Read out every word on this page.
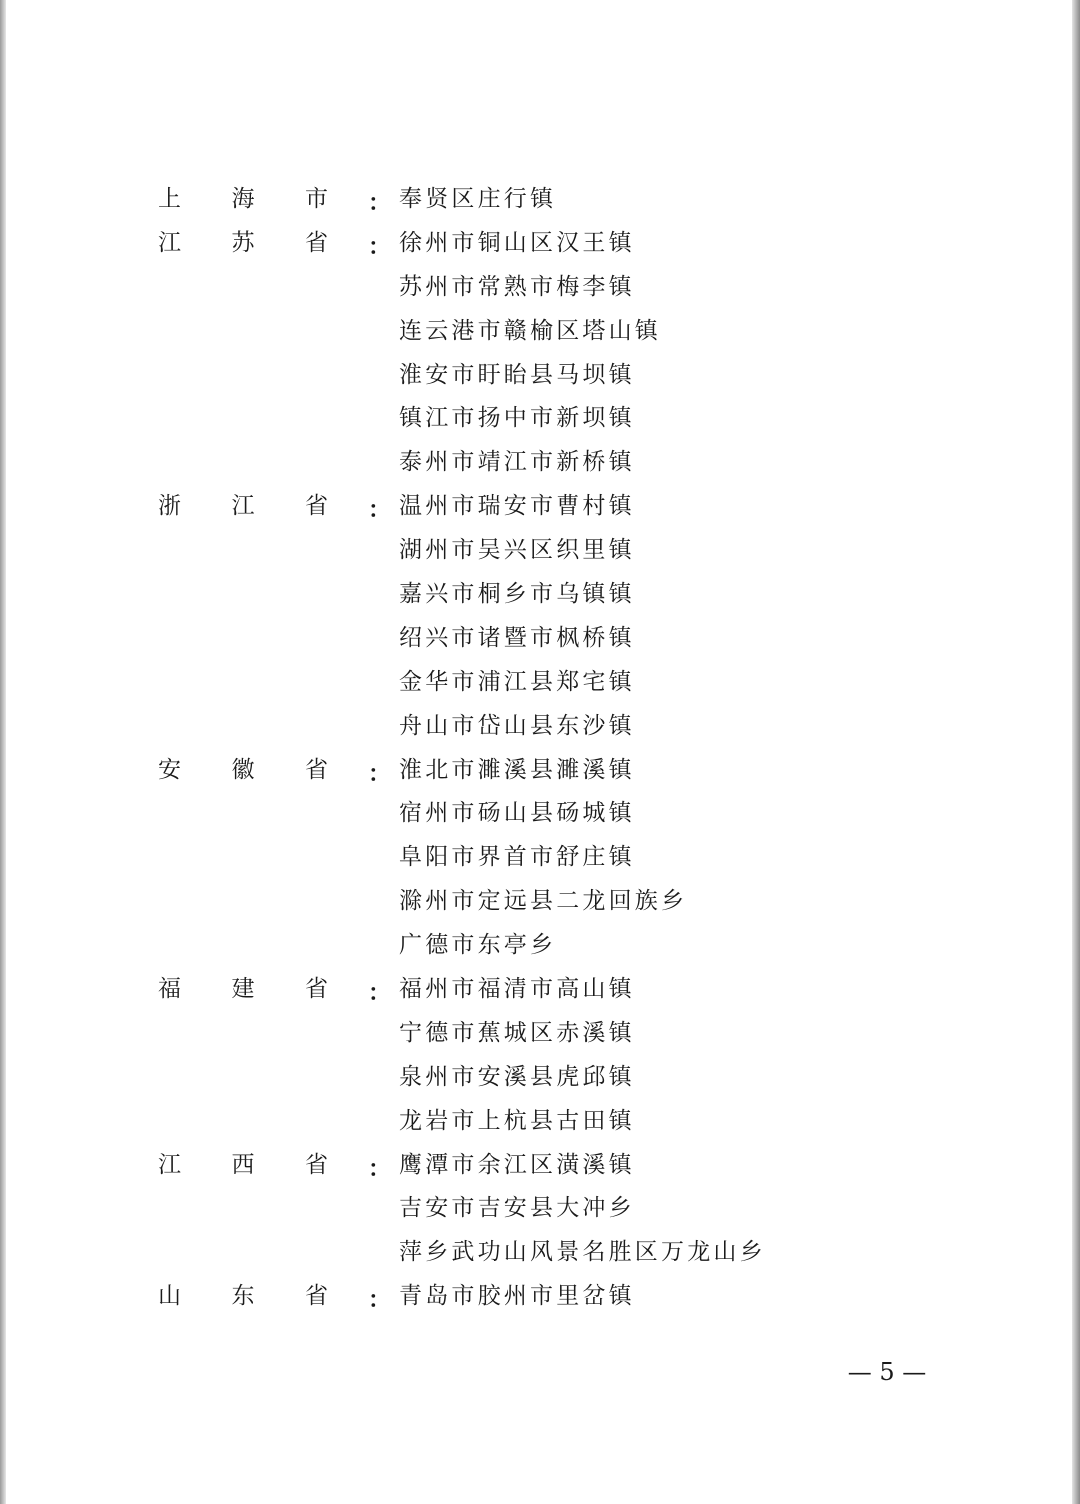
上 海 市 ： 奉贤区庄行镇
江 苏 省 ： 徐州市铜山区汉王镇
苏州市常熟市梅李镇
连云港市赣榆区塔山镇
淮安市盱眙县马坝镇
镇江市扬中市新坝镇
泰州市靖江市新桥镇
浙 江 省 ： 温州市瑞安市曹村镇
湖州市吴兴区织里镇
嘉兴市桐乡市乌镇镇
绍兴市诸暨市枫桥镇
金华市浦江县郑宅镇
舟山市岱山县东沙镇
安 徽 省 ： 淮北市濉溪县濉溪镇
宿州市砀山县砀城镇
阜阳市界首市舒庄镇
滁州市定远县二龙回族乡
广德市东亭乡
福 建 省 ： 福州市福清市高山镇
宁德市蕉城区赤溪镇
泉州市安溪县虎邱镇
龙岩市上杭县古田镇
江 西 省 ： 鹰潭市余江区潢溪镇
吉安市吉安县大冲乡
萍乡武功山风景名胜区万龙山乡
山 东 省 ： 青岛市胶州市里岔镇
— 5 —
